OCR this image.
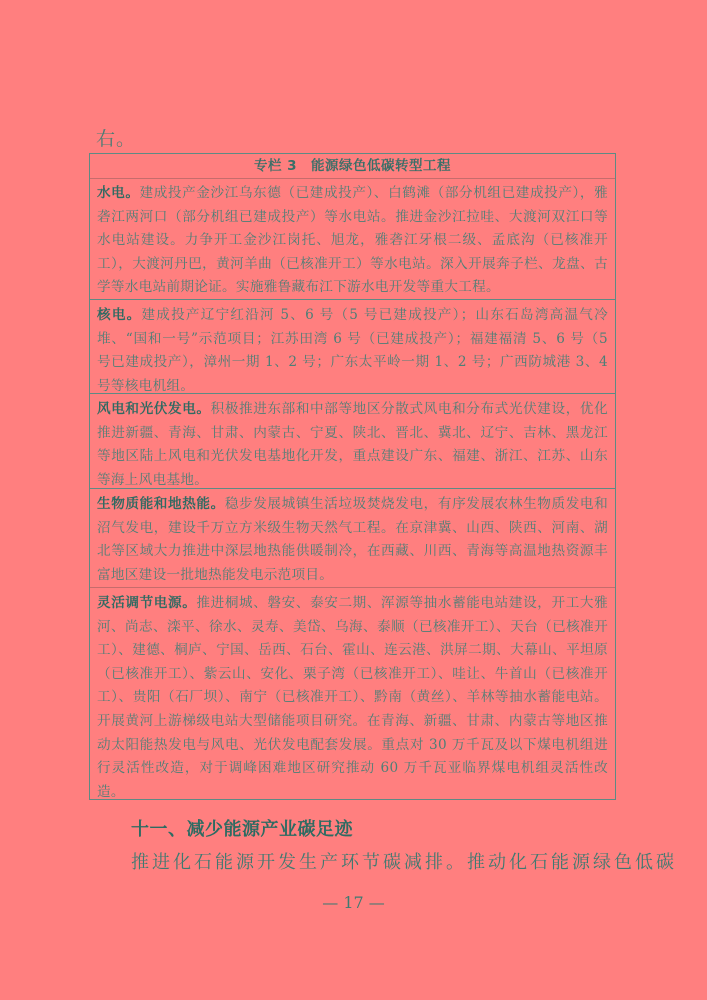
右。
专栏 3 能源绿色低碳转型工程
水电。建成投产金沙江乌东德（已建成投产）、白鹤滩（部分机组已建成投产），雅砻江两河口（部分机组已建成投产）等水电站。推进金沙江拉哇、大渡河双江口等水电站建设。力争开工金沙江岗托、旭龙，雅砻江牙根二级、孟底沟（已核准开工），大渡河丹巴，黄河羊曲（已核准开工）等水电站。深入开展奔子栏、龙盘、古学等水电站前期论证。实施雅鲁藏布江下游水电开发等重大工程。
核电。建成投产辽宁红沿河 5、6 号（5 号已建成投产）；山东石岛湾高温气冷堆、“国和一号”示范项目；江苏田湾 6 号（已建成投产）；福建福清 5、6 号（5 号已建成投产），漳州一期 1、2 号；广东太平岭一期 1、2 号；广西防城港 3、4 号等核电机组。
风电和光伏发电。积极推进东部和中部等地区分散式风电和分布式光伏建设，优化推进新疆、青海、甘肃、内蒙古、宁夏、陕北、晋北、冀北、辽宁、吉林、黑龙江等地区陆上风电和光伏发电基地化开发，重点建设广东、福建、浙江、江苏、山东等海上风电基地。
生物质能和地热能。稳步发展城镇生活垃圾焚烧发电，有序发展农林生物质发电和沼气发电，建设千万立方米级生物天然气工程。在京津冀、山西、陕西、河南、湖北等区域大力推进中深层地热能供暖制冷，在西藏、川西、青海等高温地热资源丰富地区建设一批地热能发电示范项目。
灵活调节电源。推进桐城、磐安、泰安二期、浑源等抽水蓄能电站建设，开工大雅河、尚志、滦平、徐水、灵寿、美岱、乌海、泰顺（已核准开工）、天台（已核准开工）、建德、桐庐、宁国、岳西、石台、霍山、连云港、洪屏二期、大幕山、平坦原（已核准开工）、紫云山、安化、栗子湾（已核准开工）、哇让、牛首山（已核准开工）、贵阳（石厂坝）、南宁（已核准开工）、黔南（黄丝）、羊林等抽水蓄能电站。开展黄河上游梯级电站大型储能项目研究。在青海、新疆、甘肃、内蒙古等地区推动太阳能热发电与风电、光伏发电配套发展。重点对 30 万千瓦及以下煤电机组进行灵活性改造，对于调峰困难地区研究推动 60 万千瓦亚临界煤电机组灵活性改造。
十一、减少能源产业碳足迹
推进化石能源开发生产环节碳减排。推动化石能源绿色低碳
— 17 —
